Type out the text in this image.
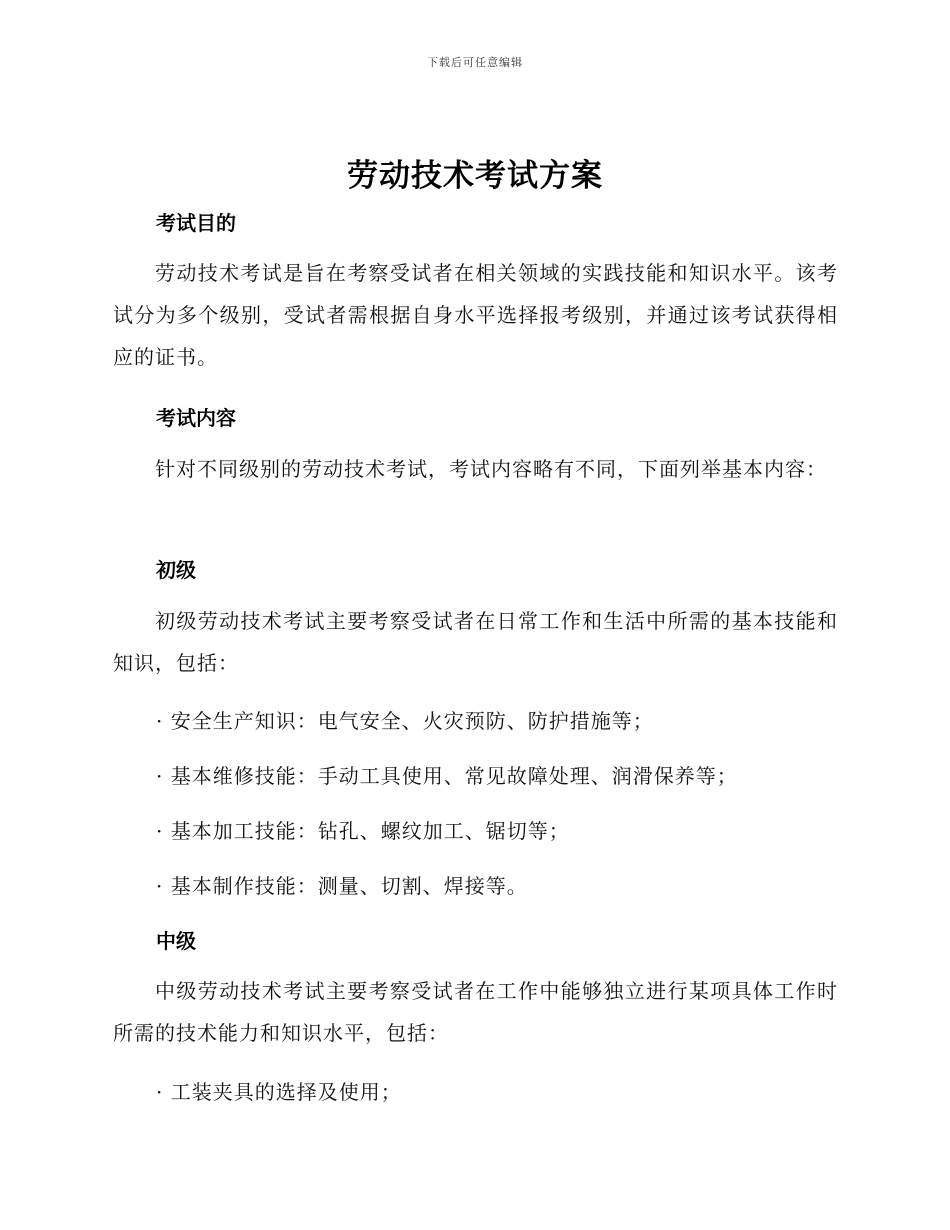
下载后可任意编辑
劳动技术考试方案
考试目的
劳动技术考试是旨在考察受试者在相关领域的实践技能和知识水平。该考试分为多个级别，受试者需根据自身水平选择报考级别，并通过该考试获得相应的证书。
考试内容
针对不同级别的劳动技术考试，考试内容略有不同，下面列举基本内容：
初级
初级劳动技术考试主要考察受试者在日常工作和生活中所需的基本技能和知识，包括：
· 安全生产知识：电气安全、火灾预防、防护措施等；
· 基本维修技能：手动工具使用、常见故障处理、润滑保养等；
· 基本加工技能：钻孔、螺纹加工、锯切等；
· 基本制作技能：测量、切割、焊接等。
中级
中级劳动技术考试主要考察受试者在工作中能够独立进行某项具体工作时所需的技术能力和知识水平，包括：
· 工装夹具的选择及使用；
